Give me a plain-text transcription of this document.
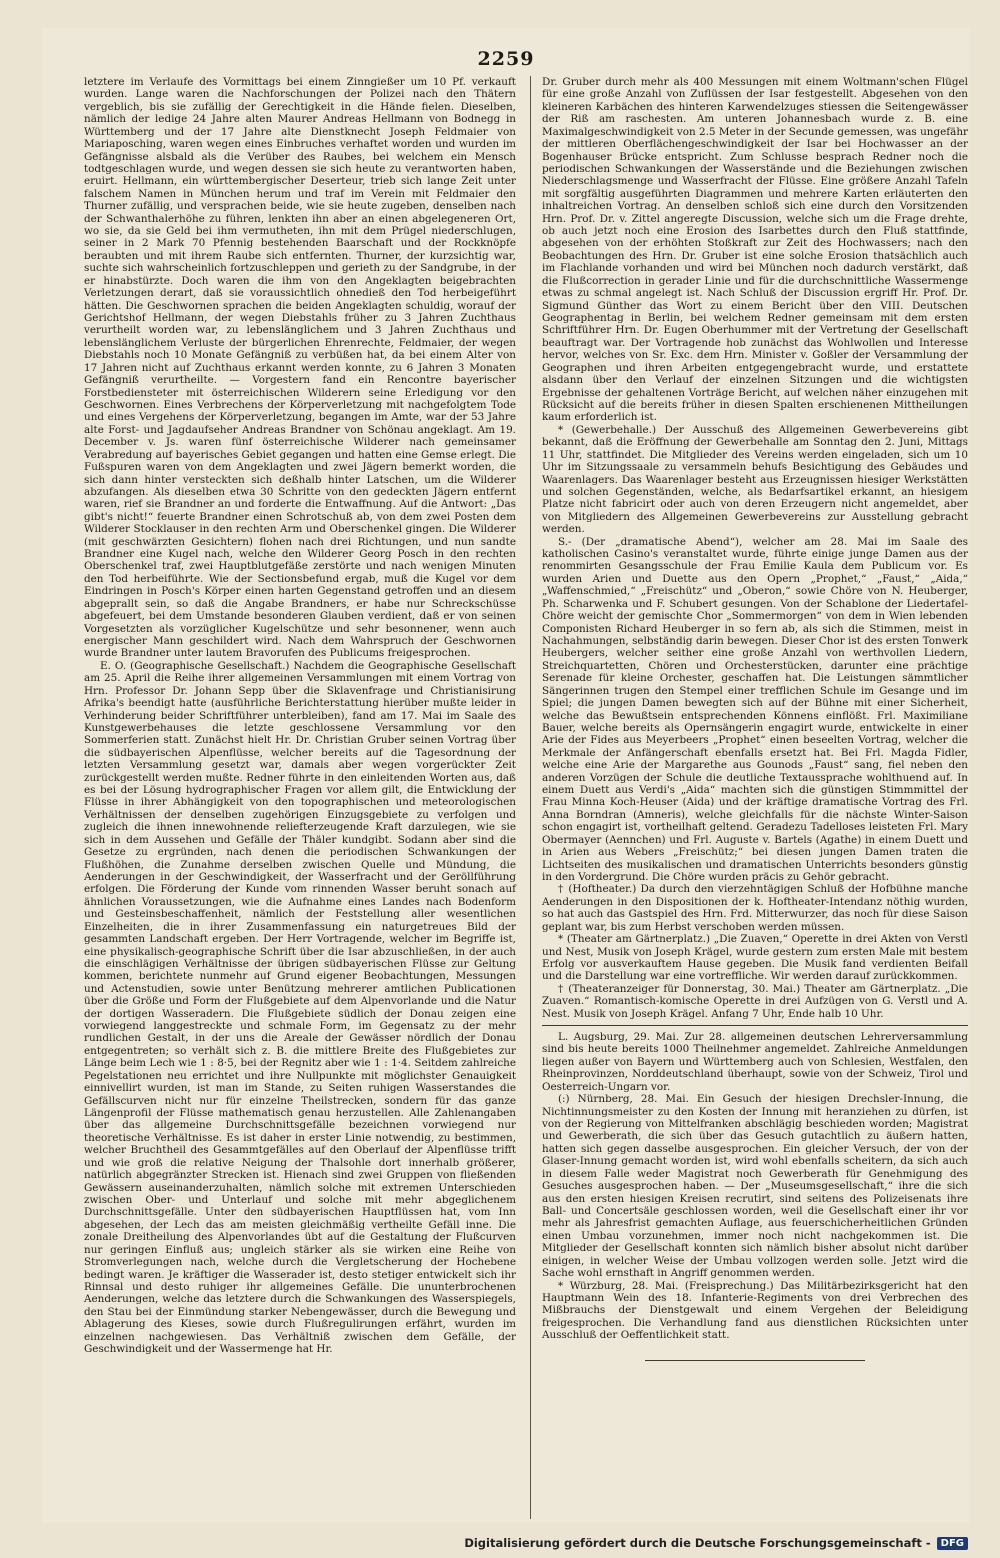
2259

letztere im Verlaufe des Vormittags bei einem Zinngießer um 10 Pf. verkauft wurden. Lange waren die Nachforschungen der Polizei nach den Thätern vergeblich, bis sie zufällig der Gerechtigkeit in die Hände fielen. Dieselben, nämlich der ledige 24 Jahre alten Maurer Andreas Hellmann von Bodnegg in Württemberg und der 17 Jahre alte Dienstknecht Joseph Feldmaier von Mariaposching, waren wegen eines Einbruches verhaftet worden und wurden im Gefängnisse alsbald als die Verüber des Raubes, bei welchem ein Mensch todtgeschlagen wurde, und wegen dessen sie sich heute zu verantworten haben, eruirt. Hellmann, ein württembergischer Deserteur, trieb sich lange Zeit unter falschem Namen in München herum und traf im Verein mit Feldmaier den Thurner zufällig, und versprachen beide, wie sie heute zugeben, denselben nach der Schwanthalerhöhe zu führen, lenkten ihn aber an einen abgelegeneren Ort, wo sie, da sie Geld bei ihm vermutheten, ihn mit dem Prügel niederschlugen, seiner in 2 Mark 70 Pfennig bestehenden Baarschaft und der Rockknöpfe beraubten und mit ihrem Raube sich entfernten. Thurner, der kurzsichtig war, suchte sich wahrscheinlich fortzuschleppen und gerieth zu der Sandgrube, in der er hinabstürzte. Doch waren die ihm von den Angeklagten beigebrachten Verletzungen derart, daß sie voraussichtlich ohnedieß den Tod herbeigeführt hätten. Die Geschwornen sprachen die beiden Angeklagten schuldig, worauf der Gerichtshof Hellmann, der wegen Diebstahls früher zu 3 Jahren Zuchthaus verurtheilt worden war, zu lebenslänglichem und 3 Jahren Zuchthaus und lebenslänglichem Verluste der bürgerlichen Ehrenrechte, Feldmaier, der wegen Diebstahls noch 10 Monate Gefängniß zu verbüßen hat, da bei einem Alter von 17 Jahren nicht auf Zuchthaus erkannt werden konnte, zu 6 Jahren 3 Monaten Gefängniß verurtheilte. — Vorgestern fand ein Rencontre bayerischer Forstbediensteter mit österreichischen Wilderern seine Erledigung vor den Geschwornen. Eines Verbrechens der Körperverletzung mit nachgefolgtem Tode und eines Vergehens der Körperverletzung, begangen im Amte, war der 53 Jahre alte Forst- und Jagdaufseher Andreas Brandner von Schönau angeklagt. Am 19. December v. Js. waren fünf österreichische Wilderer nach gemeinsamer Verabredung auf bayerisches Gebiet gegangen und hatten eine Gemse erlegt. Die Fußspuren waren von dem Angeklagten und zwei Jägern bemerkt worden, die sich dann hinter versteckten sich deßhalb hinter Latschen, um die Wilderer abzufangen. Als dieselben etwa 30 Schritte von den gedeckten Jägern entfernt waren, rief sie Brandner an und forderte die Entwaffnung. Auf die Antwort: „Das gibt's nicht!“ feuerte Brandner einen Schrotschuß ab, von dem zwei Posten dem Wilderer Stocklauser in den rechten Arm und Oberschenkel gingen. Die Wilderer (mit geschwärzten Gesichtern) flohen nach drei Richtungen, und nun sandte Brandner eine Kugel nach, welche den Wilderer Georg Posch in den rechten Oberschenkel traf, zwei Hauptblutgefäße zerstörte und nach wenigen Minuten den Tod herbeiführte. Wie der Sectionsbefund ergab, muß die Kugel vor dem Eindringen in Posch's Körper einen harten Gegenstand getroffen und an diesem abgeprallt sein, so daß die Angabe Brandners, er habe nur Schreckschüsse abgefeuert, bei dem Umstande besonderen Glauben verdient, daß er von seinen Vorgesetzten als vorzüglicher Kugelschütze und sehr besonnener, wenn auch energischer Mann geschildert wird. Nach dem Wahrspruch der Geschwornen wurde Brandner unter lautem Bravorufen des Publicums freigesprochen.

E. O. (Geographische Gesellschaft.) Nachdem die Geographische Gesellschaft am 25. April die Reihe ihrer allgemeinen Versammlungen mit einem Vortrag von Hrn. Professor Dr. Johann Sepp über die Sklavenfrage und Christianisirung Afrika's beendigt hatte (ausführliche Berichterstattung hierüber mußte leider in Verhinderung beider Schriftführer unterbleiben), fand am 17. Mai im Saale des Kunstgewerbehauses die letzte geschlossene Versammlung vor den Sommerferien statt. Zunächst hielt Hr. Dr. Christian Gruber seinen Vortrag über die südbayerischen Alpenflüsse, welcher bereits auf die Tagesordnung der letzten Versammlung gesetzt war, damals aber wegen vorgerückter Zeit zurückgestellt werden mußte. Redner führte in den einleitenden Worten aus, daß es bei der Lösung hydrographischer Fragen vor allem gilt, die Entwicklung der Flüsse in ihrer Abhängigkeit von den topographischen und meteorologischen Verhältnissen der denselben zugehörigen Einzugsgebiete zu verfolgen und zugleich die ihnen innewohnende reliefterzeugende Kraft darzulegen, wie sie sich in dem Aussehen und Gefälle der Thäler kundgibt. Sodann aber sind die Gesetze zu ergründen, nach denen die periodischen Schwankungen der Flußhöhen, die Zunahme derselben zwischen Quelle und Mündung, die Aenderungen in der Geschwindigkeit, der Wasserfracht und der Geröllführung erfolgen. Die Förderung der Kunde vom rinnenden Wasser beruht sonach auf ähnlichen Voraussetzungen, wie die Aufnahme eines Landes nach Bodenform und Gesteinsbeschaffenheit, nämlich der Feststellung aller wesentlichen Einzelheiten, die in ihrer Zusammenfassung ein naturgetreues Bild der gesammten Landschaft ergeben. Der Herr Vortragende, welcher im Begriffe ist, eine physikalisch-geographische Schrift über die Isar abzuschließen, in der auch die einschlägigen Verhältnisse der übrigen südbayerischen Flüsse zur Geltung kommen, berichtete nunmehr auf Grund eigener Beobachtungen, Messungen und Actenstudien, sowie unter Benützung mehrerer amtlichen Publicationen über die Größe und Form der Flußgebiete auf dem Alpenvorlande und die Natur der dortigen Wasseradern. Die Flußgebiete südlich der Donau zeigen eine vorwiegend langgestreckte und schmale Form, im Gegensatz zu der mehr rundlichen Gestalt, in der uns die Areale der Gewässer nördlich der Donau entgegentreten; so verhält sich z. B. die mittlere Breite des Flußgebietes zur Länge beim Lech wie 1 : 8·5, bei der Regnitz aber wie 1 : 1·4. Seitdem zahlreiche Pegelstationen neu errichtet und ihre Nullpunkte mit möglichster Genauigkeit einnivellirt wurden, ist man im Stande, zu Seiten ruhigen Wasserstandes die Gefällscurven nicht nur für einzelne Theilstrecken, sondern für das ganze Längenprofil der Flüsse mathematisch genau herzustellen. Alle Zahlenangaben über das allgemeine Durchschnittsgefälle bezeichnen vorwiegend nur theoretische Verhältnisse. Es ist daher in erster Linie notwendig, zu bestimmen, welcher Bruchtheil des Gesammtgefälles auf den Oberlauf der Alpenflüsse trifft und wie groß die relative Neigung der Thalsohle dort innerhalb größerer, natürlich abgegränzter Strecken ist. Hienach sind zwei Gruppen von fließenden Gewässern auseinanderzuhalten, nämlich solche mit extremen Unterschieden zwischen Ober- und Unterlauf und solche mit mehr abgeglichenem Durchschnittsgefälle. Unter den südbayerischen Hauptflüssen hat, vom Inn abgesehen, der Lech das am meisten gleichmäßig vertheilte Gefäll inne. Die zonale Dreitheilung des Alpenvorlandes übt auf die Gestaltung der Flußcurven nur geringen Einfluß aus; ungleich stärker als sie wirken eine Reihe von Stromverlegungen nach, welche durch die Vergletscherung der Hochebene bedingt waren. Je kräftiger die Wasserader ist, desto stetiger entwickelt sich ihr Rinnsal und desto ruhiger ihr allgemeines Gefälle. Die ununterbrochenen Aenderungen, welche das letztere durch die Schwankungen des Wasserspiegels, den Stau bei der Einmündung starker Nebengewässer, durch die Bewegung und Ablagerung des Kieses, sowie durch Flußregulirungen erfährt, wurden im einzelnen nachgewiesen. Das Verhältniß zwischen dem Gefälle, der Geschwindigkeit und der Wassermenge hat Hr.

Dr. Gruber durch mehr als 400 Messungen mit einem Woltmann'schen Flügel für eine große Anzahl von Zuflüssen der Isar festgestellt. Abgesehen von den kleineren Karbächen des hinteren Karwendelzuges stiessen die Seitengewässer der Riß am raschesten. Am unteren Johannesbach wurde z. B. eine Maximalgeschwindigkeit von 2.5 Meter in der Secunde gemessen, was ungefähr der mittleren Oberflächengeschwindigkeit der Isar bei Hochwasser an der Bogenhauser Brücke entspricht. Zum Schlusse besprach Redner noch die periodischen Schwankungen der Wasserstände und die Beziehungen zwischen Niederschlagsmenge und Wasserfracht der Flüsse. Eine größere Anzahl Tafeln mit sorgfältig ausgeführten Diagrammen und mehrere Karten erläuterten den inhaltreichen Vortrag. An denselben schloß sich eine durch den Vorsitzenden Hrn. Prof. Dr. v. Zittel angeregte Discussion, welche sich um die Frage drehte, ob auch jetzt noch eine Erosion des Isarbettes durch den Fluß stattfinde, abgesehen von der erhöhten Stoßkraft zur Zeit des Hochwassers; nach den Beobachtungen des Hrn. Dr. Gruber ist eine solche Erosion thatsächlich auch im Flachlande vorhanden und wird bei München noch dadurch verstärkt, daß die Flußcorrection in gerader Linie und für die durchschnittliche Wassermenge etwas zu schmal angelegt ist. Nach Schluß der Discussion ergriff Hr. Prof. Dr. Sigmund Günther das Wort zu einem Bericht über den VIII. Deutschen Geographentag in Berlin, bei welchem Redner gemeinsam mit dem ersten Schriftführer Hrn. Dr. Eugen Oberhummer mit der Vertretung der Gesellschaft beauftragt war. Der Vortragende hob zunächst das Wohlwollen und Interesse hervor, welches von Sr. Exc. dem Hrn. Minister v. Goßler der Versammlung der Geographen und ihren Arbeiten entgegengebracht wurde, und erstattete alsdann über den Verlauf der einzelnen Sitzungen und die wichtigsten Ergebnisse der gehaltenen Vorträge Bericht, auf welchen näher einzugehen mit Rücksicht auf die bereits früher in diesen Spalten erschienenen Mittheilungen kaum erforderlich ist.

* (Gewerbehalle.) Der Ausschuß des Allgemeinen Gewerbevereins gibt bekannt, daß die Eröffnung der Gewerbehalle am Sonntag den 2. Juni, Mittags 11 Uhr, stattfindet. Die Mitglieder des Vereins werden eingeladen, sich um 10 Uhr im Sitzungssaale zu versammeln behufs Besichtigung des Gebäudes und Waarenlagers. Das Waarenlager besteht aus Erzeugnissen hiesiger Werkstätten und solchen Gegenständen, welche, als Bedarfsartikel erkannt, an hiesigem Platze nicht fabricirt oder auch von deren Erzeugern nicht angemeldet, aber von Mitgliedern des Allgemeinen Gewerbevereins zur Ausstellung gebracht werden.

S.- (Der „dramatische Abend“), welcher am 28. Mai im Saale des katholischen Casino's veranstaltet wurde, führte einige junge Damen aus der renommirten Gesangsschule der Frau Emilie Kaula dem Publicum vor. Es wurden Arien und Duette aus den Opern „Prophet,“ „Faust,“ „Aida,“ „Waffenschmied,“ „Freischütz“ und „Oberon,“ sowie Chöre von N. Heuberger, Ph. Scharwenka und F. Schubert gesungen. Von der Schablone der Liedertafel-Chöre weicht der gemischte Chor „Sommermorgen“ von dem in Wien lebenden Componisten Richard Heuberger in so fern ab, als sich die Stimmen, meist in Nachahmungen, selbständig darin bewegen. Dieser Chor ist des ersten Tonwerk Heubergers, welcher seither eine große Anzahl von werthvollen Liedern, Streichquartetten, Chören und Orchesterstücken, darunter eine prächtige Serenade für kleine Orchester, geschaffen hat. Die Leistungen sämmtlicher Sängerinnen trugen den Stempel einer trefflichen Schule im Gesange und im Spiel; die jungen Damen bewegten sich auf der Bühne mit einer Sicherheit, welche das Bewußtsein entsprechenden Könnens einflößt. Frl. Maximiliane Bauer, welche bereits als Opernsängerin engagirt wurde, entwickelte in einer Arie der Fides aus Meyerbeers „Prophet“ einen beseelten Vortrag, welcher die Merkmale der Anfängerschaft ebenfalls ersetzt hat. Bei Frl. Magda Fidler, welche eine Arie der Margarethe aus Gounods „Faust“ sang, fiel neben den anderen Vorzügen der Schule die deutliche Textaussprache wohlthuend auf. In einem Duett aus Verdi's „Aida“ machten sich die günstigen Stimmmittel der Frau Minna Koch-Heuser (Aida) und der kräftige dramatische Vortrag des Frl. Anna Borndran (Amneris), welche gleichfalls für die nächste Winter-Saison schon engagirt ist, vortheilhaft geltend. Geradezu Tadelloses leisteten Frl. Mary Obermayer (Aennchen) und Frl. Auguste v. Bartels (Agathe) in einem Duett und in Arien aus Webers „Freischütz;“ bei diesen jungen Damen traten die Lichtseiten des musikalischen und dramatischen Unterrichts besonders günstig in den Vordergrund. Die Chöre wurden präcis zu Gehör gebracht.

† (Hoftheater.) Da durch den vierzehntägigen Schluß der Hofbühne manche Aenderungen in den Dispositionen der k. Hoftheater-Intendanz nöthig wurden, so hat auch das Gastspiel des Hrn. Frd. Mitterwurzer, das noch für diese Saison geplant war, bis zum Herbst verschoben werden müssen.

* (Theater am Gärtnerplatz.) „Die Zuaven,“ Operette in drei Akten von Verstl und Nest, Musik von Joseph Krägel, wurde gestern zum ersten Male mit bestem Erfolg vor ausverkauftem Hause gegeben. Die Musik fand verdienten Beifall und die Darstellung war eine vortreffliche. Wir werden darauf zurückkommen.

† (Theateranzeiger für Donnerstag, 30. Mai.) Theater am Gärtnerplatz. „Die Zuaven.“ Romantisch-komische Operette in drei Aufzügen von G. Verstl und A. Nest. Musik von Joseph Krägel. Anfang 7 Uhr, Ende halb 10 Uhr.

L. Augsburg, 29. Mai. Zur 28. allgemeinen deutschen Lehrerversammlung sind bis heute bereits 1000 Theilnehmer angemeldet. Zahlreiche Anmeldungen liegen außer von Bayern und Württemberg auch von Schlesien, Westfalen, den Rheinprovinzen, Norddeutschland überhaupt, sowie von der Schweiz, Tirol und Oesterreich-Ungarn vor.

(:) Nürnberg, 28. Mai. Ein Gesuch der hiesigen Drechsler-Innung, die Nichtinnungsmeister zu den Kosten der Innung mit heranziehen zu dürfen, ist von der Regierung von Mittelfranken abschlägig beschieden worden; Magistrat und Gewerberath, die sich über das Gesuch gutachtlich zu äußern hatten, hatten sich gegen dasselbe ausgesprochen. Ein gleicher Versuch, der von der Glaser-Innung gemacht worden ist, wird wohl ebenfalls scheitern, da sich auch in diesem Falle weder Magistrat noch Gewerberath für Genehmigung des Gesuches ausgesprochen haben. — Der „Museumsgesellschaft,“ ihre die sich aus den ersten hiesigen Kreisen recrutirt, sind seitens des Polizeisenats ihre Ball- und Concertsäle geschlossen worden, weil die Gesellschaft einer ihr vor mehr als Jahresfrist gemachten Auflage, aus feuerschicherheitlichen Gründen einen Umbau vorzunehmen, immer noch nicht nachgekommen ist. Die Mitglieder der Gesellschaft konnten sich nämlich bisher absolut nicht darüber einigen, in welcher Weise der Umbau vollzogen werden solle. Jetzt wird die Sache wohl ernsthaft in Angriff genommen werden.

* Würzburg, 28. Mai. (Freisprechung.) Das Militärbezirksgericht hat den Hauptmann Wein des 18. Infanterie-Regiments von drei Verbrechen des Mißbrauchs der Dienstgewalt und einem Vergehen der Beleidigung freigesprochen. Die Verhandlung fand aus dienstlichen Rücksichten unter Ausschluß der Oeffentlichkeit statt.

Digitalisierung gefördert durch die Deutsche Forschungsgemeinschaft -	DFG
